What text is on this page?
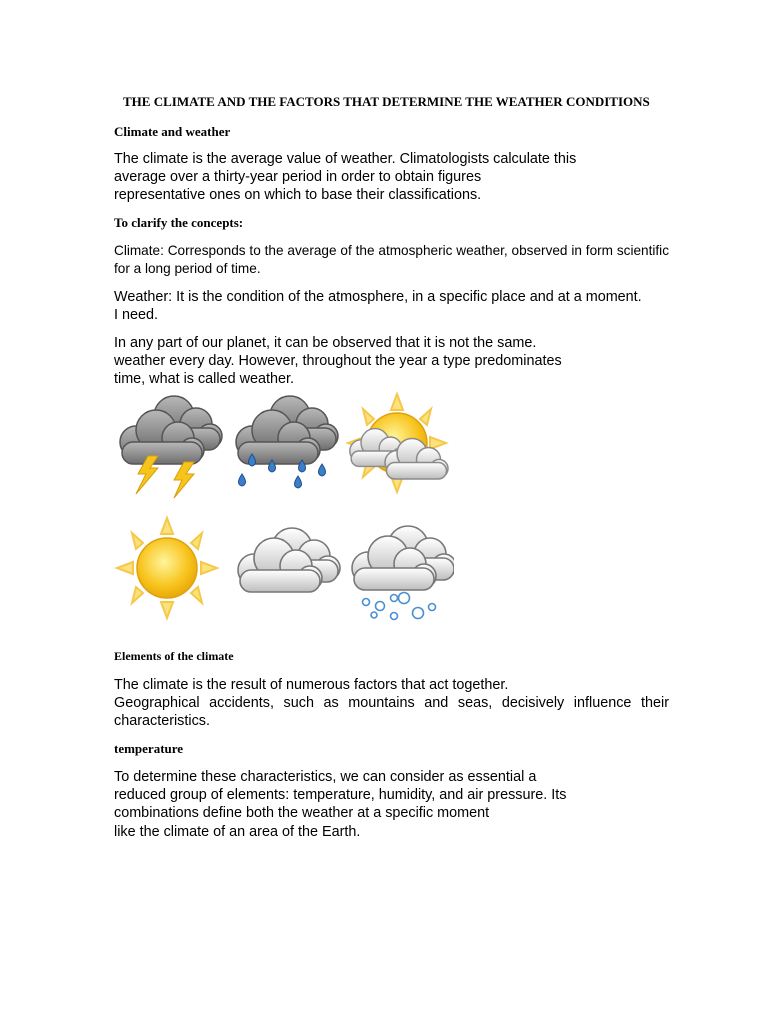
THE CLIMATE AND THE FACTORS THAT DETERMINE THE WEATHER CONDITIONS

Climate and weather

The climate is the average value of weather. Climatologists calculate this
average over a thirty-year period in order to obtain figures
representative ones on which to base their classifications.

To clarify the concepts:

Climate: Corresponds to the average of the atmospheric weather, observed in form scientific for a long period of time.

Weather: It is the condition of the atmosphere, in a specific place and at a moment.
I need.

In any part of our planet, it can be observed that it is not the same.
weather every day. However, throughout the year a type predominates
time, what is called weather.

Elements of the climate

The climate is the result of numerous factors that act together.
Geographical accidents, such as mountains and seas, decisively influence their characteristics.

temperature

To determine these characteristics, we can consider as essential a
reduced group of elements: temperature, humidity, and air pressure. Its
combinations define both the weather at a specific moment
like the climate of an area of the Earth.
